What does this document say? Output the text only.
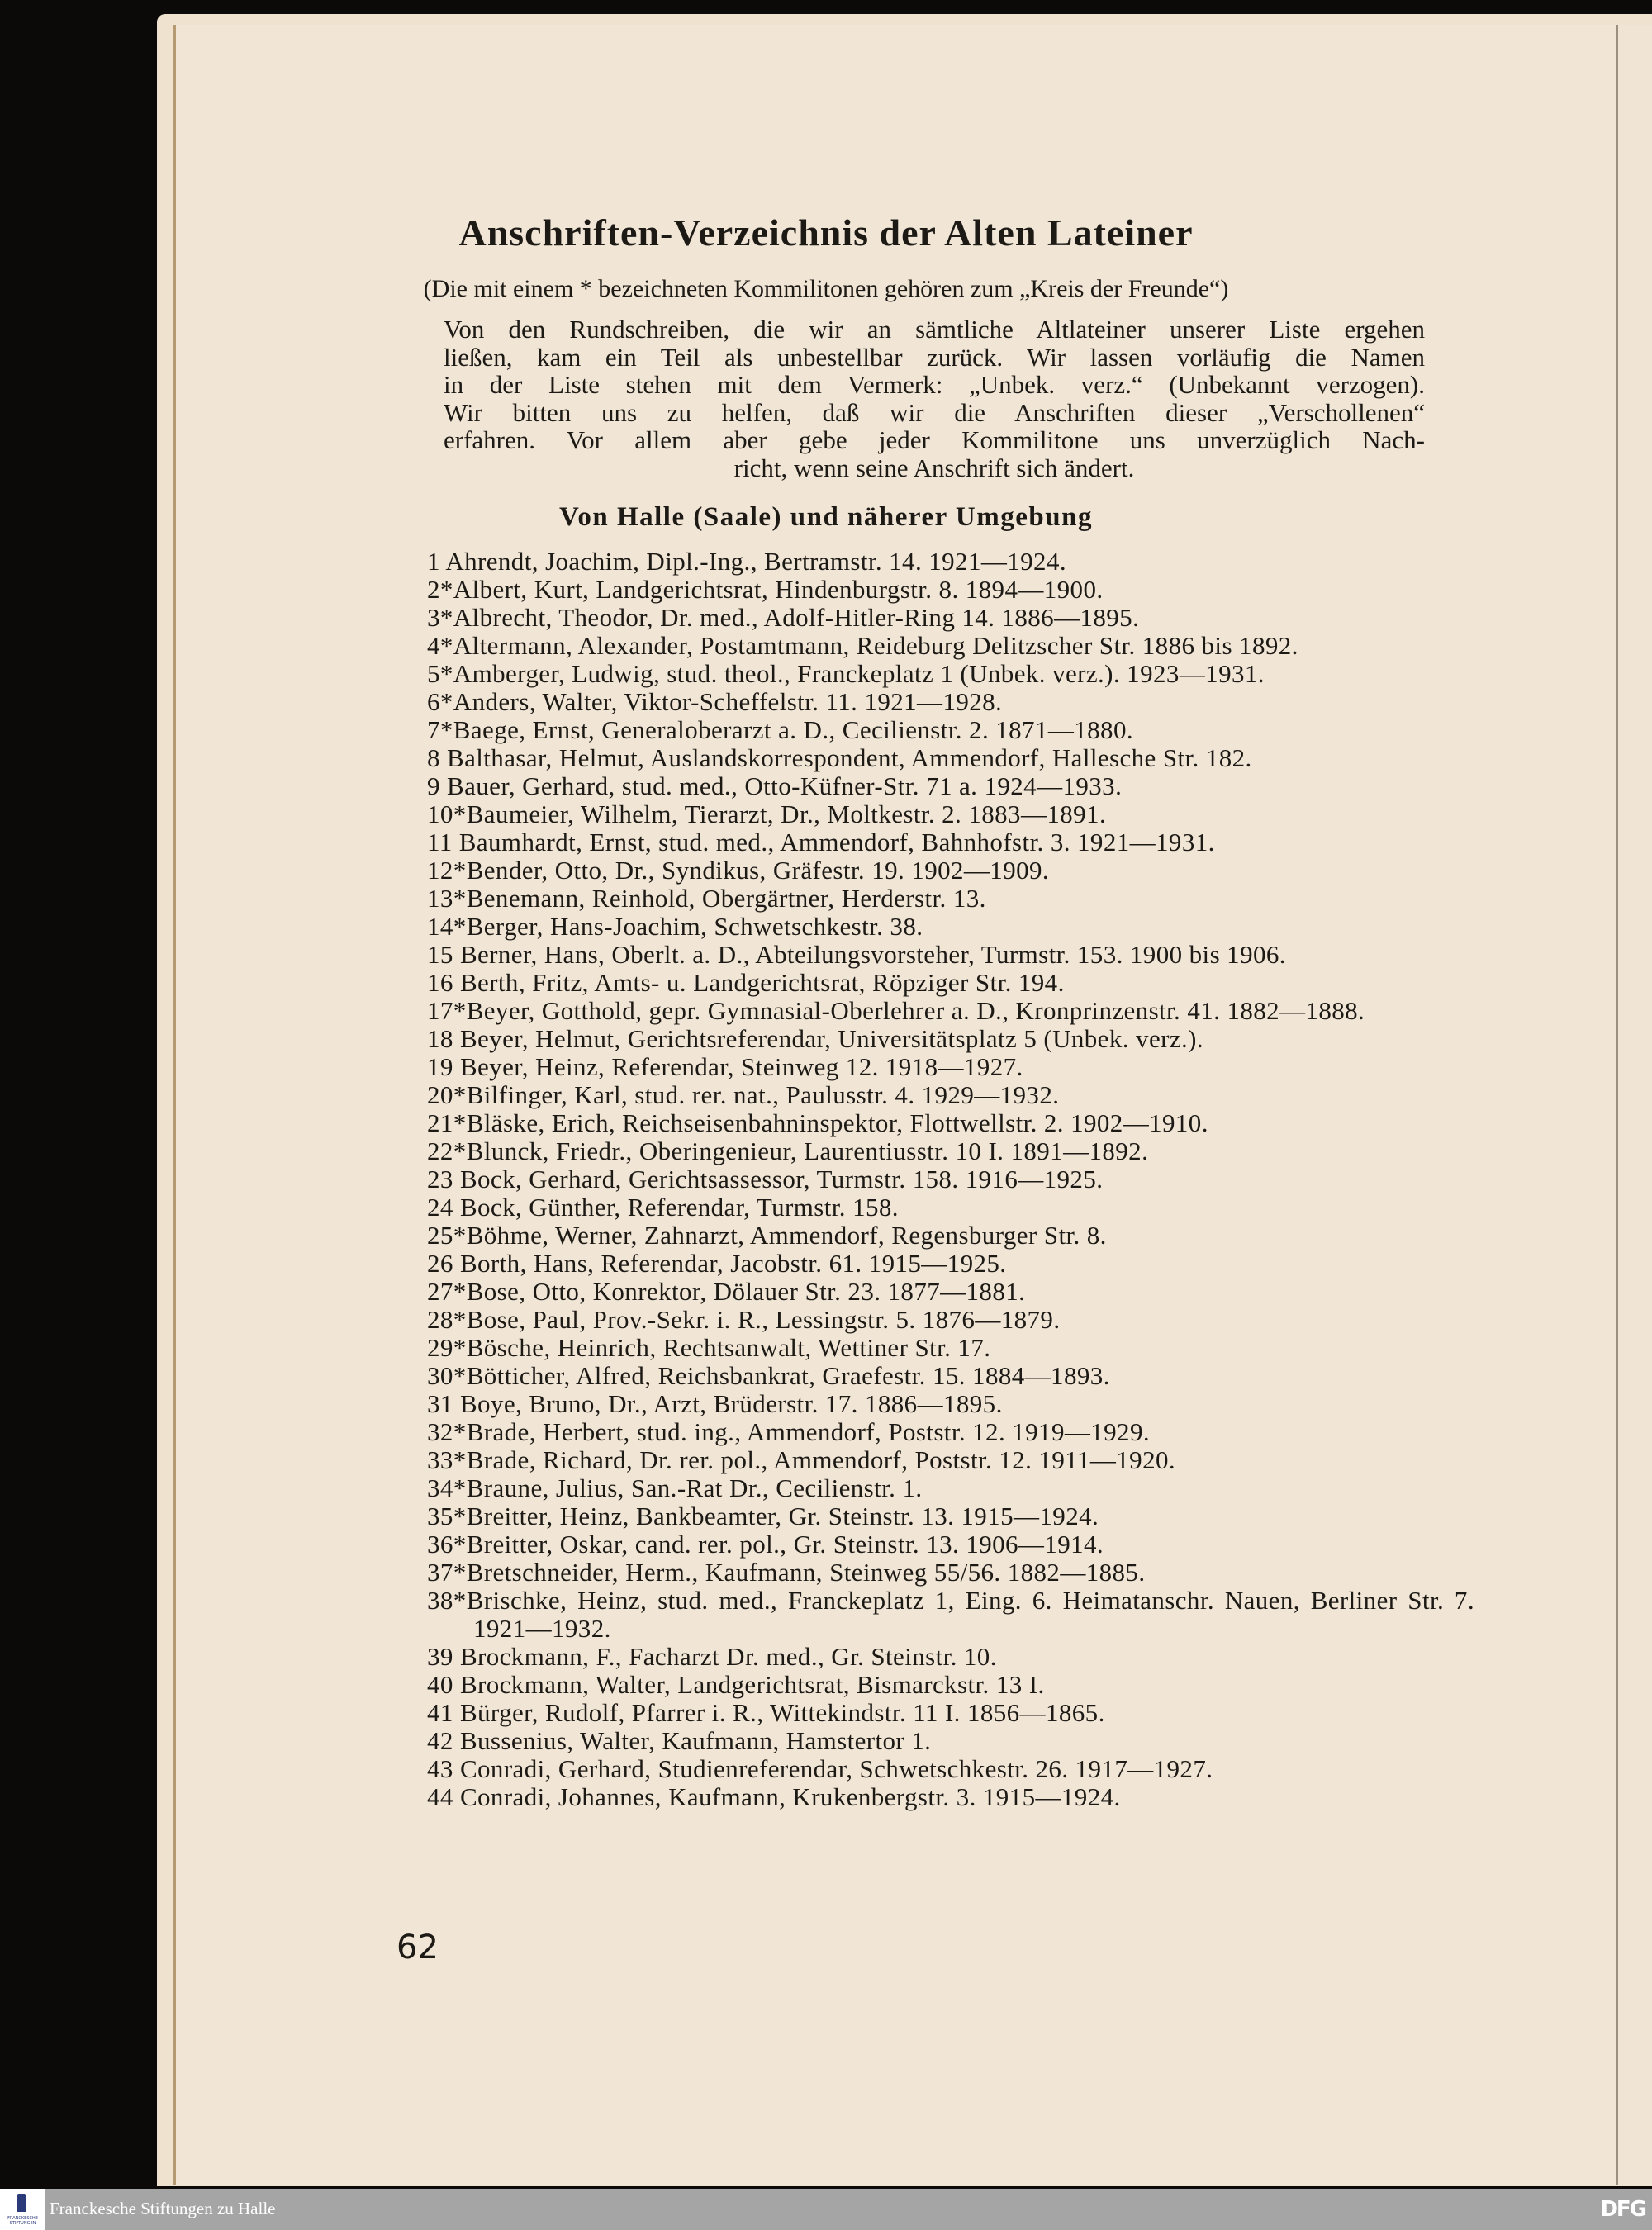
Anschriften-Verzeichnis der Alten Lateiner
(Die mit einem * bezeichneten Kommilitonen gehören zum „Kreis der Freunde“)
Von den Rundschreiben, die wir an sämtliche Altlateiner unserer Liste ergehen
ließen, kam ein Teil als unbestellbar zurück. Wir lassen vorläufig die Namen
in der Liste stehen mit dem Vermerk: „Unbek. verz.“ (Unbekannt verzogen).
Wir bitten uns zu helfen, daß wir die Anschriften dieser „Verschollenen“
erfahren. Vor allem aber gebe jeder Kommilitone uns unverzüglich Nach-
richt, wenn seine Anschrift sich ändert.
Von Halle (Saale) und näherer Umgebung
1 Ahrendt, Joachim, Dipl.-Ing., Bertramstr. 14. 1921—1924.
2*Albert, Kurt, Landgerichtsrat, Hindenburgstr. 8. 1894—1900.
3*Albrecht, Theodor, Dr. med., Adolf-Hitler-Ring 14. 1886—1895.
4*Altermann, Alexander, Postamtmann, Reideburg Delitzscher Str. 1886 bis 1892.
5*Amberger, Ludwig, stud. theol., Franckeplatz 1 (Unbek. verz.). 1923—1931.
6*Anders, Walter, Viktor-Scheffelstr. 11. 1921—1928.
7*Baege, Ernst, Generaloberarzt a. D., Cecilienstr. 2. 1871—1880.
8 Balthasar, Helmut, Auslandskorrespondent, Ammendorf, Hallesche Str. 182.
9 Bauer, Gerhard, stud. med., Otto-Küfner-Str. 71 a. 1924—1933.
10*Baumeier, Wilhelm, Tierarzt, Dr., Moltkestr. 2. 1883—1891.
11 Baumhardt, Ernst, stud. med., Ammendorf, Bahnhofstr. 3. 1921—1931.
12*Bender, Otto, Dr., Syndikus, Gräfestr. 19. 1902—1909.
13*Benemann, Reinhold, Obergärtner, Herderstr. 13.
14*Berger, Hans-Joachim, Schwetschkestr. 38.
15 Berner, Hans, Oberlt. a. D., Abteilungsvorsteher, Turmstr. 153. 1900 bis 1906.
16 Berth, Fritz, Amts- u. Landgerichtsrat, Röpziger Str. 194.
17*Beyer, Gotthold, gepr. Gymnasial-Oberlehrer a. D., Kronprinzenstr. 41. 1882—1888.
18 Beyer, Helmut, Gerichtsreferendar, Universitätsplatz 5 (Unbek. verz.).
19 Beyer, Heinz, Referendar, Steinweg 12. 1918—1927.
20*Bilfinger, Karl, stud. rer. nat., Paulusstr. 4. 1929—1932.
21*Bläske, Erich, Reichseisenbahninspektor, Flottwellstr. 2. 1902—1910.
22*Blunck, Friedr., Oberingenieur, Laurentiusstr. 10 I. 1891—1892.
23 Bock, Gerhard, Gerichtsassessor, Turmstr. 158. 1916—1925.
24 Bock, Günther, Referendar, Turmstr. 158.
25*Böhme, Werner, Zahnarzt, Ammendorf, Regensburger Str. 8.
26 Borth, Hans, Referendar, Jacobstr. 61. 1915—1925.
27*Bose, Otto, Konrektor, Dölauer Str. 23. 1877—1881.
28*Bose, Paul, Prov.-Sekr. i. R., Lessingstr. 5. 1876—1879.
29*Bösche, Heinrich, Rechtsanwalt, Wettiner Str. 17.
30*Bötticher, Alfred, Reichsbankrat, Graefestr. 15. 1884—1893.
31 Boye, Bruno, Dr., Arzt, Brüderstr. 17. 1886—1895.
32*Brade, Herbert, stud. ing., Ammendorf, Poststr. 12. 1919—1929.
33*Brade, Richard, Dr. rer. pol., Ammendorf, Poststr. 12. 1911—1920.
34*Braune, Julius, San.-Rat Dr., Cecilienstr. 1.
35*Breitter, Heinz, Bankbeamter, Gr. Steinstr. 13. 1915—1924.
36*Breitter, Oskar, cand. rer. pol., Gr. Steinstr. 13. 1906—1914.
37*Bretschneider, Herm., Kaufmann, Steinweg 55/56. 1882—1885.
38*Brischke, Heinz, stud. med., Franckeplatz 1, Eing. 6. Heimatanschr. Nauen, Berliner Str. 7. 1921—1932.
39 Brockmann, F., Facharzt Dr. med., Gr. Steinstr. 10.
40 Brockmann, Walter, Landgerichtsrat, Bismarckstr. 13 I.
41 Bürger, Rudolf, Pfarrer i. R., Wittekindstr. 11 I. 1856—1865.
42 Bussenius, Walter, Kaufmann, Hamstertor 1.
43 Conradi, Gerhard, Studienreferendar, Schwetschkestr. 26. 1917—1927.
44 Conradi, Johannes, Kaufmann, Krukenbergstr. 3. 1915—1924.
62
FRANCKESCHE STIFTUNGEN
Franckesche Stiftungen zu Halle	DFG
